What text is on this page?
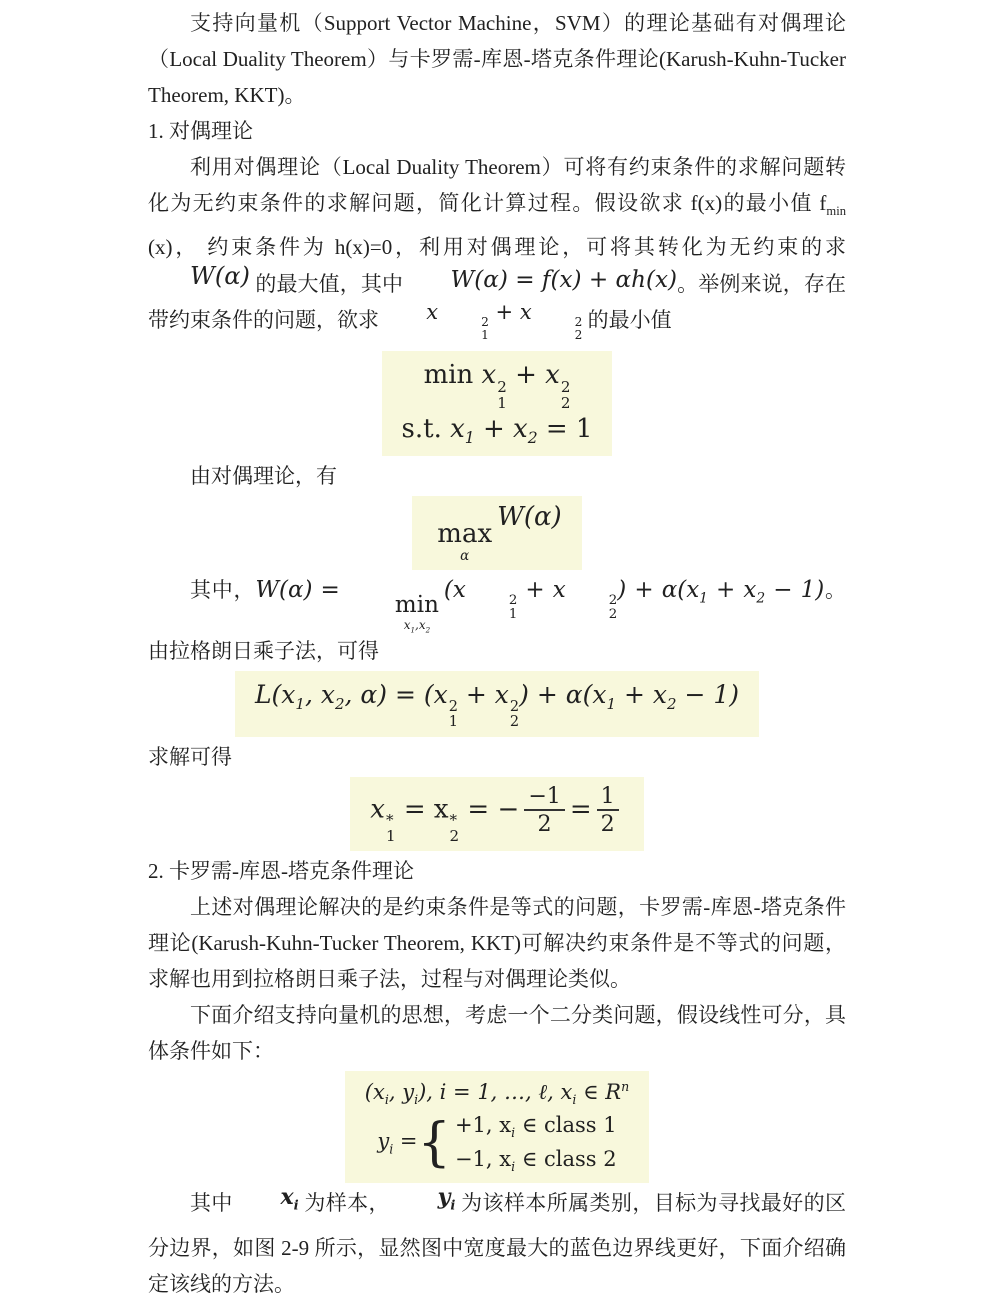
支持向量机（Support Vector Machine，SVM）的理论基础有对偶理论（Local Duality Theorem）与卡罗需-库恩-塔克条件理论(Karush-Kuhn-Tucker Theorem, KKT)。

1. 对偶理论

利用对偶理论（Local Duality Theorem）可将有约束条件的求解问题转化为无约束条件的求解问题，简化计算过程。假设欲求 f(x)的最小值 $f_{min}$ (x)， 约束条件为 h(x)=0，利用对偶理论，可将其转化为无约束的求 W(α) 的最大值，其中 W(α) = f(x) + αh(x)。举例来说，存在带约束条件的问题，欲求 x	2
1
+ x	2
2
的最小值

min x 2
1
+ x 2
2
s.t. $x_1 + x_2 = 1$

由对偶理论，有

max
α
W(α)

其中，W(α) =
min
$x_1,x_2$
(x	2
1
+ x	2
2
) + $\alpha(x_1 + x_2 - 1)$。由拉格朗日乘子法，可得

$L(x_1$, $x_2$, α) = (x 2
1
+ x 2
2
) + $\alpha(x_1 + x_2 - 1)$

求解可得

x *
1
= x *
2
= − $\frac{-1}{2} = \frac{1}{2}$

2. 卡罗需-库恩-塔克条件理论

上述对偶理论解决的是约束条件是等式的问题，卡罗需-库恩-塔克条件理论(Karush-Kuhn-Tucker Theorem, KKT)可解决约束条件是不等式的问题，求解也用到拉格朗日乘子法，过程与对偶理论类似。

下面介绍支持向量机的思想，考虑一个二分类问题，假设线性可分，具体条件如下：

($x_i$, $y_i$), i = 1, …, ℓ, $x_i$ ∈ $R^n$
$y_i$ = { +1, $x_i$ ∈ class 1
−1, $x_i$ ∈ class 2

其中 $x_i$ 为样本， $y_i$ 为该样本所属类别，目标为寻找最好的区分边界，如图 2-9 所示，显然图中宽度最大的蓝色边界线更好，下面介绍确定该线的方法。
